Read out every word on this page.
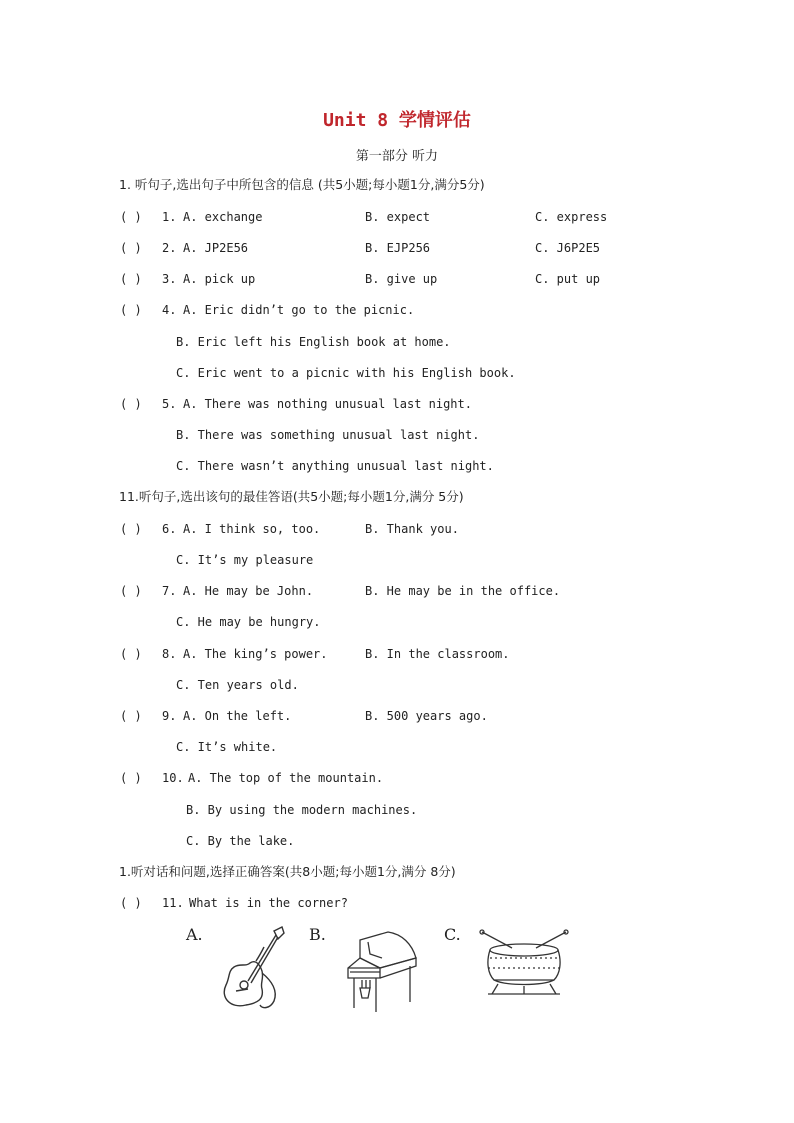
Unit 8 学情评估
第一部分 听力
1. 听句子,选出句子中所包含的信息 (共5小题;每小题1分,满分5分)
( ) 1. A. exchange	B. expect	C. express
( ) 2. A. JP2E56	B. EJP256	C. J6P2E5
( ) 3. A. pick up	B. give up	C. put up
( ) 4. A. Eric didn’t go to the picnic.
B. Eric left his English book at home.
C. Eric went to a picnic with his English book.
( ) 5. A. There was nothing unusual last night.
B. There was something unusual last night.
C. There wasn’t anything unusual last night.
11.听句子,选出该句的最佳答语(共5小题;每小题1分,满分 5分)
( ) 6. A. I think so, too.	B. Thank you.
C. It’s my pleasure
( ) 7. A. He may be John.	B. He may be in the office.
C. He may be hungry.
( ) 8. A. The king’s power.	B. In the classroom.
C. Ten years old.
( ) 9. A. On the left.	B. 500 years ago.
C. It’s white.
( ) 10. A. The top of the mountain.
B. By using the modern machines.
C. By the lake.
1.听对话和问题,选择正确答案(共8小题;每小题1分,满分 8分)
( ) 11. What is in the corner?
A.	B.	C.
